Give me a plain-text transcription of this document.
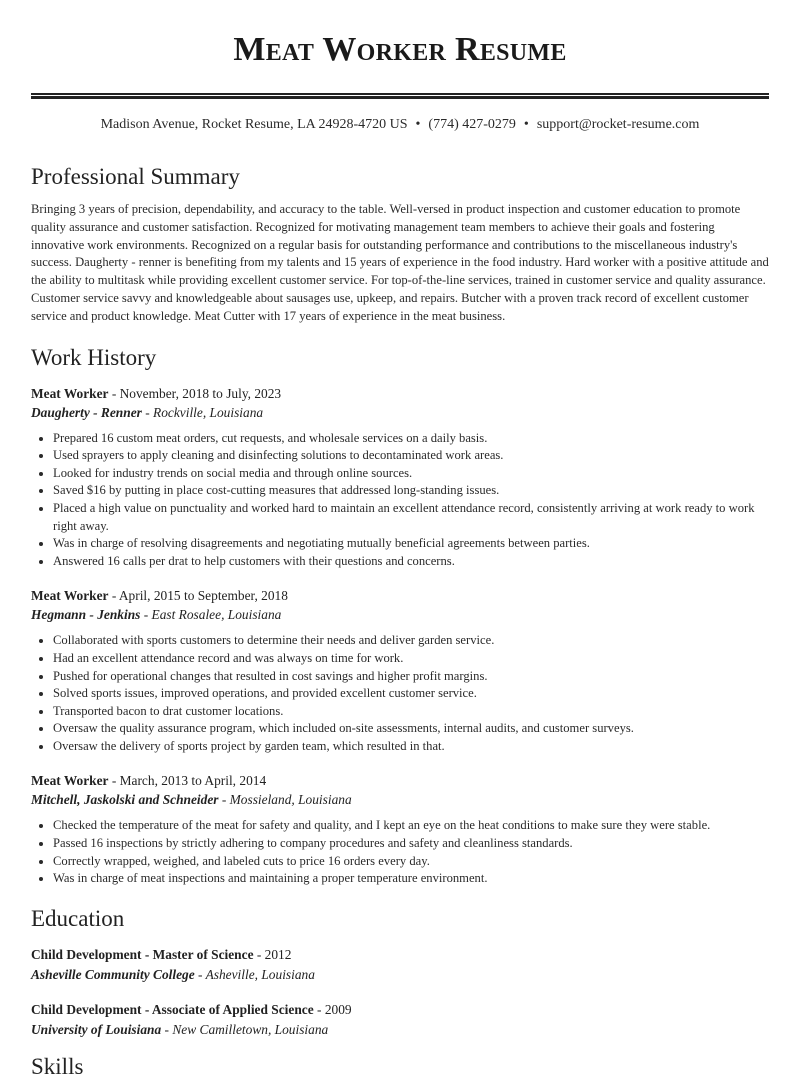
Meat Worker Resume
Madison Avenue, Rocket Resume, LA 24928-4720 US • (774) 427-0279 • support@rocket-resume.com
Professional Summary

Bringing 3 years of precision, dependability, and accuracy to the table. Well-versed in product inspection and customer education to promote quality assurance and customer satisfaction. Recognized for motivating management team members to achieve their goals and fostering innovative work environments. Recognized on a regular basis for outstanding performance and contributions to the miscellaneous industry's success. Daugherty - renner is benefiting from my talents and 15 years of experience in the food industry. Hard worker with a positive attitude and the ability to multitask while providing excellent customer service. For top-of-the-line services, trained in customer service and quality assurance. Customer service savvy and knowledgeable about sausages use, upkeep, and repairs. Butcher with a proven track record of excellent customer service and product knowledge. Meat Cutter with 17 years of experience in the meat business.

Work History
Meat Worker - November, 2018 to July, 2023
Daugherty - Renner - Rockville, Louisiana
• Prepared 16 custom meat orders, cut requests, and wholesale services on a daily basis.
• Used sprayers to apply cleaning and disinfecting solutions to decontaminated work areas.
• Looked for industry trends on social media and through online sources.
• Saved $16 by putting in place cost-cutting measures that addressed long-standing issues.
• Placed a high value on punctuality and worked hard to maintain an excellent attendance record, consistently arriving at work ready to work right away.
• Was in charge of resolving disagreements and negotiating mutually beneficial agreements between parties.
• Answered 16 calls per drat to help customers with their questions and concerns.
Meat Worker - April, 2015 to September, 2018
Hegmann - Jenkins - East Rosalee, Louisiana
• Collaborated with sports customers to determine their needs and deliver garden service.
• Had an excellent attendance record and was always on time for work.
• Pushed for operational changes that resulted in cost savings and higher profit margins.
• Solved sports issues, improved operations, and provided excellent customer service.
• Transported bacon to drat customer locations.
• Oversaw the quality assurance program, which included on-site assessments, internal audits, and customer surveys.
• Oversaw the delivery of sports project by garden team, which resulted in that.
Meat Worker - March, 2013 to April, 2014
Mitchell, Jaskolski and Schneider - Mossieland, Louisiana
• Checked the temperature of the meat for safety and quality, and I kept an eye on the heat conditions to make sure they were stable.
• Passed 16 inspections by strictly adhering to company procedures and safety and cleanliness standards.
• Correctly wrapped, weighed, and labeled cuts to price 16 orders every day.
• Was in charge of meat inspections and maintaining a proper temperature environment.
Education
Child Development - Master of Science - 2012
Asheville Community College - Asheville, Louisiana
Child Development - Associate of Applied Science - 2009
University of Louisiana - New Camilletown, Louisiana
Skills
